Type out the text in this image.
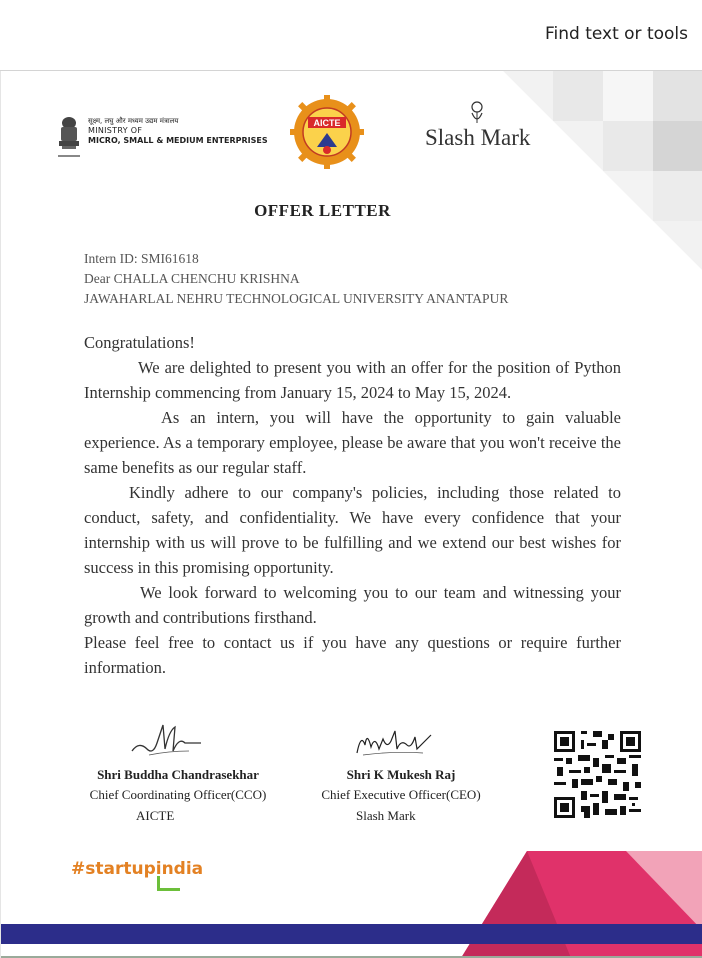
Find text or tools
सूक्ष्म, लघु और मध्यम उद्यम मंत्रालय
MINISTRY OF
MICRO, SMALL & MEDIUM ENTERPRISES
AICTE
Slash Mark
OFFER LETTER
Intern ID: SMI61618
Dear CHALLA CHENCHU KRISHNA
JAWAHARLAL NEHRU TECHNOLOGICAL UNIVERSITY ANANTAPUR

Congratulations!

We are delighted to present you with an offer for the position of Python Internship commencing from January 15, 2024 to May 15, 2024.

As an intern, you will have the opportunity to gain valuable experience. As a temporary employee, please be aware that you won't receive the same benefits as our regular staff.

Kindly adhere to our company's policies, including those related to conduct, safety, and confidentiality. We have every confidence that your internship with us will prove to be fulfilling and we extend our best wishes for success in this promising opportunity.

We look forward to welcoming you to our team and witnessing your growth and contributions firsthand.

Please feel free to contact us if you have any questions or require further information.

Shri Buddha Chandrasekhar
Chief Coordinating Officer(CCO)
AICTE
Shri K Mukesh Raj
Chief Executive Officer(CEO)
Slash Mark
#startupindia
